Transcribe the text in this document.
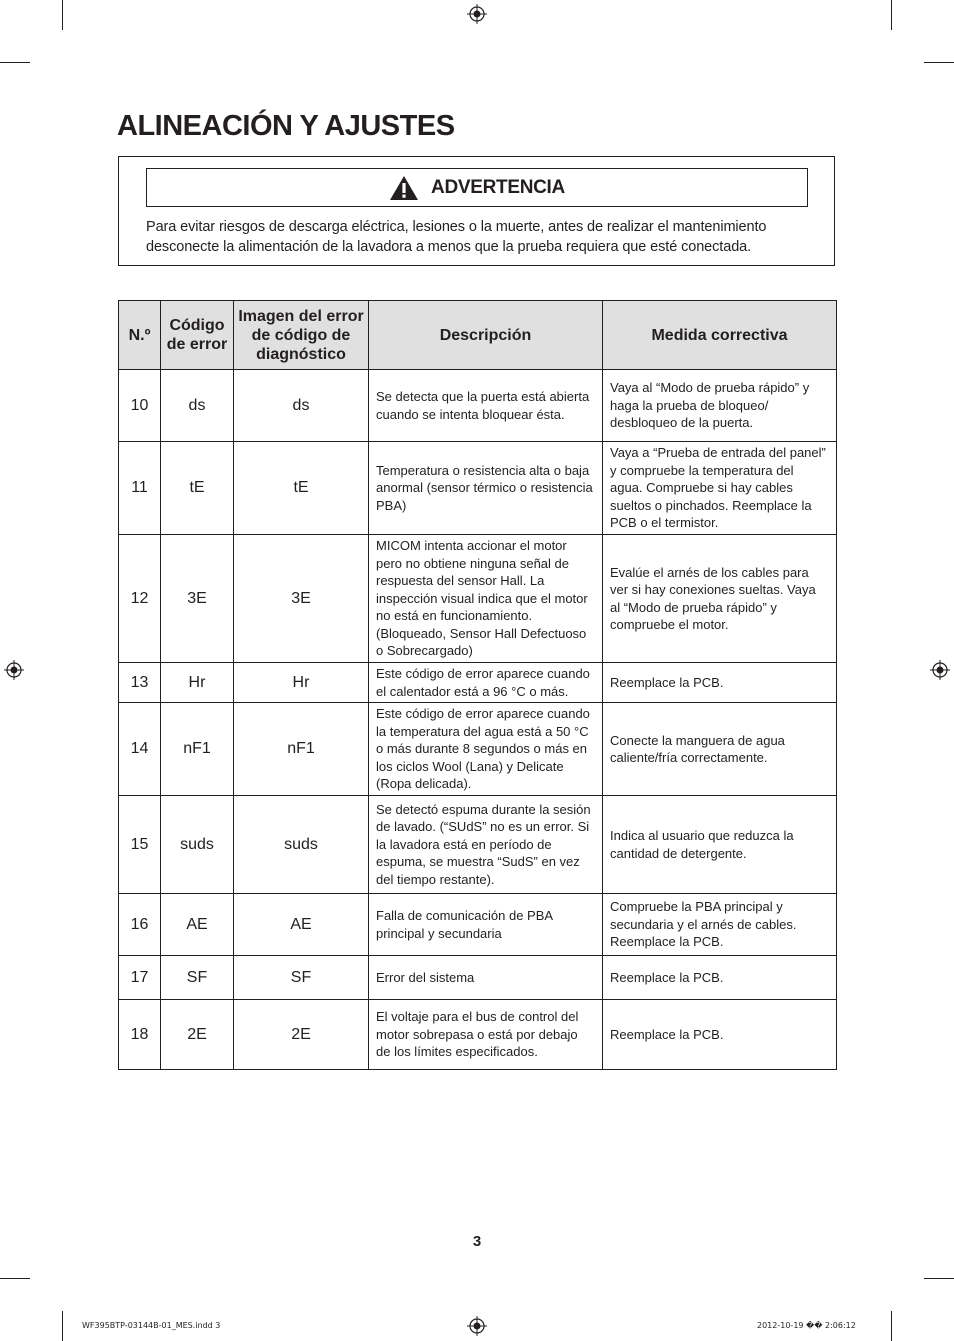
ALINEACIÓN Y AJUSTES
ADVERTENCIA
Para evitar riesgos de descarga eléctrica, lesiones o la muerte, antes de realizar el mantenimiento desconecte la alimentación de la lavadora a menos que la prueba requiera que esté conectada.
N.º	Código de error	Imagen del error de código de diagnóstico	Descripción	Medida correctiva
10	ds	ds	Se detecta que la puerta está abierta cuando se intenta bloquear ésta.	Vaya al “Modo de prueba rápido” y haga la prueba de bloqueo/ desbloqueo de la puerta.
11	tE	tE	Temperatura o resistencia alta o baja anormal (sensor térmico o resistencia PBA)	Vaya a “Prueba de entrada del panel” y compruebe la temperatura del agua. Compruebe si hay cables sueltos o pinchados. Reemplace la PCB o el termistor.
12	3E	3E	MICOM intenta accionar el motor pero no obtiene ninguna señal de respuesta del sensor Hall. La inspección visual indica que el motor no está en funcionamiento. (Bloqueado, Sensor Hall Defectuoso o Sobrecargado)	Evalúe el arnés de los cables para ver si hay conexiones sueltas. Vaya al “Modo de prueba rápido” y compruebe el motor.
13	Hr	Hr	Este código de error aparece cuando el calentador está a 96 °C o más.	Reemplace la PCB.
14	nF1	nF1	Este código de error aparece cuando la temperatura del agua está a 50 °C o más durante 8 segundos o más en los ciclos Wool (Lana) y Delicate (Ropa delicada).	Conecte la manguera de agua caliente/fría correctamente.
15	suds	suds	Se detectó espuma durante la sesión de lavado. (“SUdS” no es un error. Si la lavadora está en período de espuma, se muestra “SudS” en vez del tiempo restante).	Indica al usuario que reduzca la cantidad de detergente.
16	AE	AE	Falla de comunicación de PBA principal y secundaria	Compruebe la PBA principal y secundaria y el arnés de cables. Reemplace la PCB.
17	SF	SF	Error del sistema	Reemplace la PCB.
18	2E	2E	El voltaje para el bus de control del motor sobrepasa o está por debajo de los límites especificados.	Reemplace la PCB.
3
WF395BTP-03144B-01_MES.indd 3	2012-10-19 �� 2:06:12
